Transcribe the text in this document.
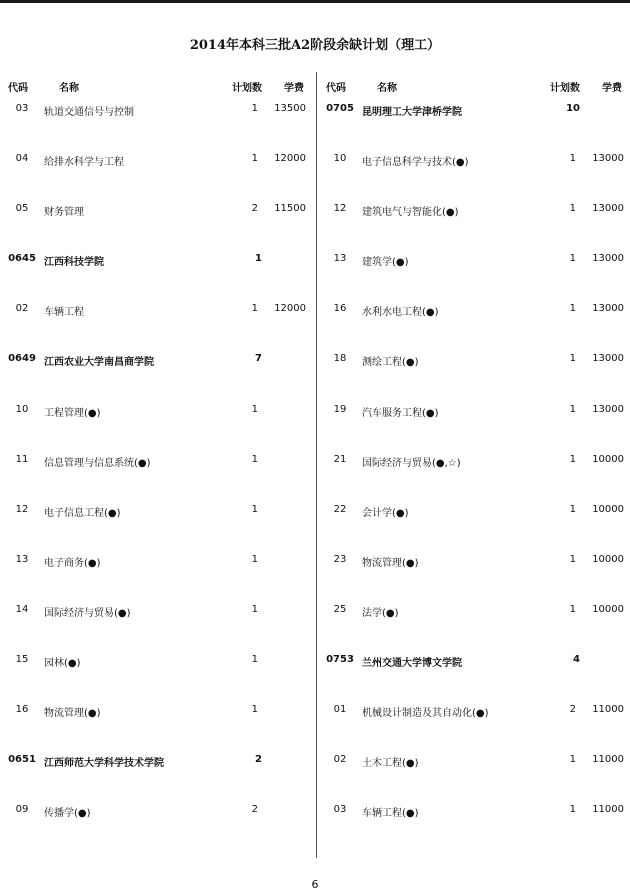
2014年本科三批A2阶段余缺计划（理工）
代码	名称	计划数 学费
03	轨道交通信号与控制	1 13500
04	给排水科学与工程	1 12000
05	财务管理	2 11500
0645 江西科技学院	1
02	车辆工程	1 12000
0649 江西农业大学南昌商学院	7
10	工程管理(●)	1
11	信息管理与信息系统(●)	1
12	电子信息工程(●)	1
13	电子商务(●)	1
14	国际经济与贸易(●)	1
15	园林(●)	1
16	物流管理(●)	1
0651 江西师范大学科学技术学院	2
09	传播学(●)	2
代码	名称	计划数 学费
0705 昆明理工大学津桥学院	10
10	电子信息科学与技术(●)	1 13000
12	建筑电气与智能化(●)	1 13000
13	建筑学(●)	1 13000
16	水利水电工程(●)	1 13000
18	测绘工程(●)	1 13000
19	汽车服务工程(●)	1 13000
21	国际经济与贸易(●,☆)	1 10000
22	会计学(●)	1 10000
23	物流管理(●)	1 10000
25	法学(●)	1 10000
0753 兰州交通大学博文学院	4
01	机械设计制造及其自动化(●)	2 11000
02	土木工程(●)	1 11000
03	车辆工程(●)	1 11000
6
